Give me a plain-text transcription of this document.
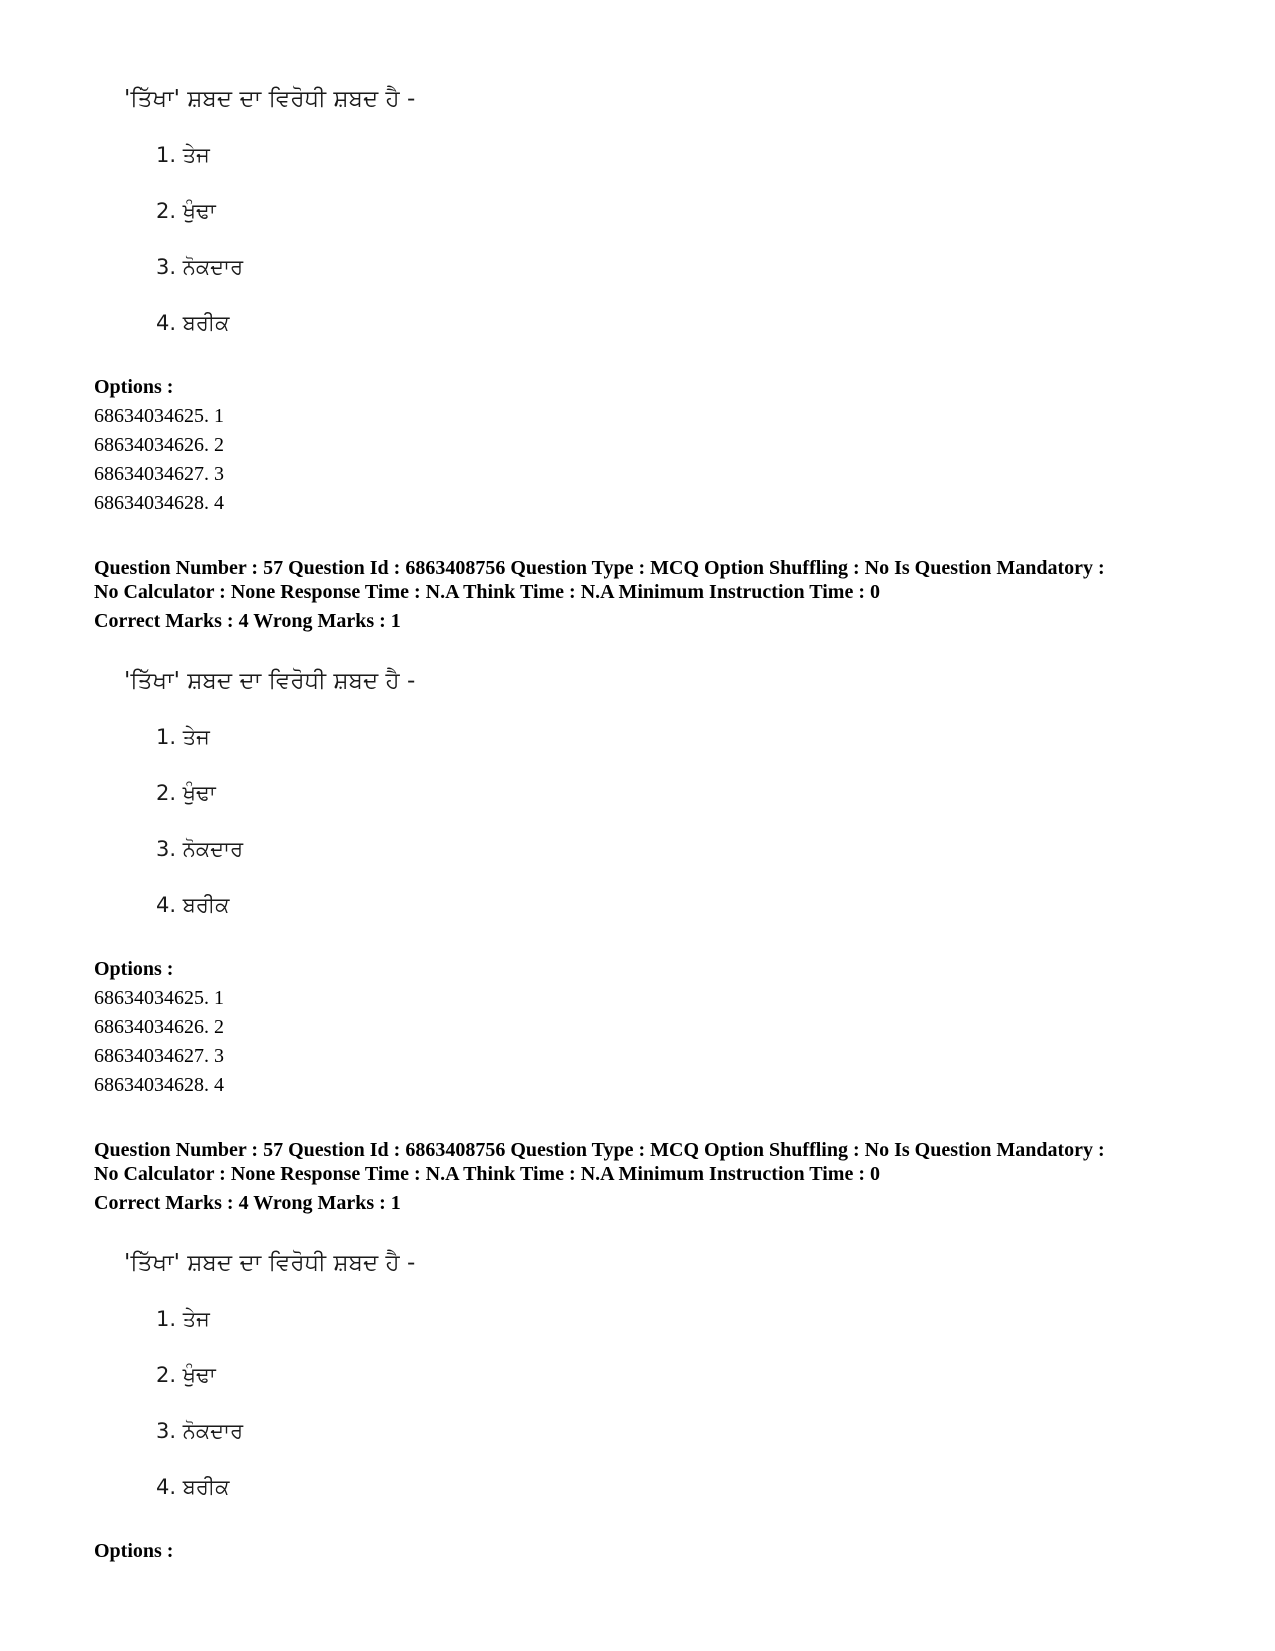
'ਤਿੱਖਾ' ਸ਼ਬਦ ਦਾ ਵਿਰੋਧੀ ਸ਼ਬਦ ਹੈ -
1. ਤੇਜ
2. ਖੁੰਢਾ
3. ਨੋਕਦਾਰ
4. ਬਰੀਕ
Options :
68634034625. 1
68634034626. 2
68634034627. 3
68634034628. 4
Question Number : 57 Question Id : 6863408756 Question Type : MCQ Option Shuffling : No Is Question Mandatory :
No Calculator : None Response Time : N.A Think Time : N.A Minimum Instruction Time : 0
Correct Marks : 4 Wrong Marks : 1
'ਤਿੱਖਾ' ਸ਼ਬਦ ਦਾ ਵਿਰੋਧੀ ਸ਼ਬਦ ਹੈ -
1. ਤੇਜ
2. ਖੁੰਢਾ
3. ਨੋਕਦਾਰ
4. ਬਰੀਕ
Options :
68634034625. 1
68634034626. 2
68634034627. 3
68634034628. 4
Question Number : 57 Question Id : 6863408756 Question Type : MCQ Option Shuffling : No Is Question Mandatory :
No Calculator : None Response Time : N.A Think Time : N.A Minimum Instruction Time : 0
Correct Marks : 4 Wrong Marks : 1
'ਤਿੱਖਾ' ਸ਼ਬਦ ਦਾ ਵਿਰੋਧੀ ਸ਼ਬਦ ਹੈ -
1. ਤੇਜ
2. ਖੁੰਢਾ
3. ਨੋਕਦਾਰ
4. ਬਰੀਕ
Options :
